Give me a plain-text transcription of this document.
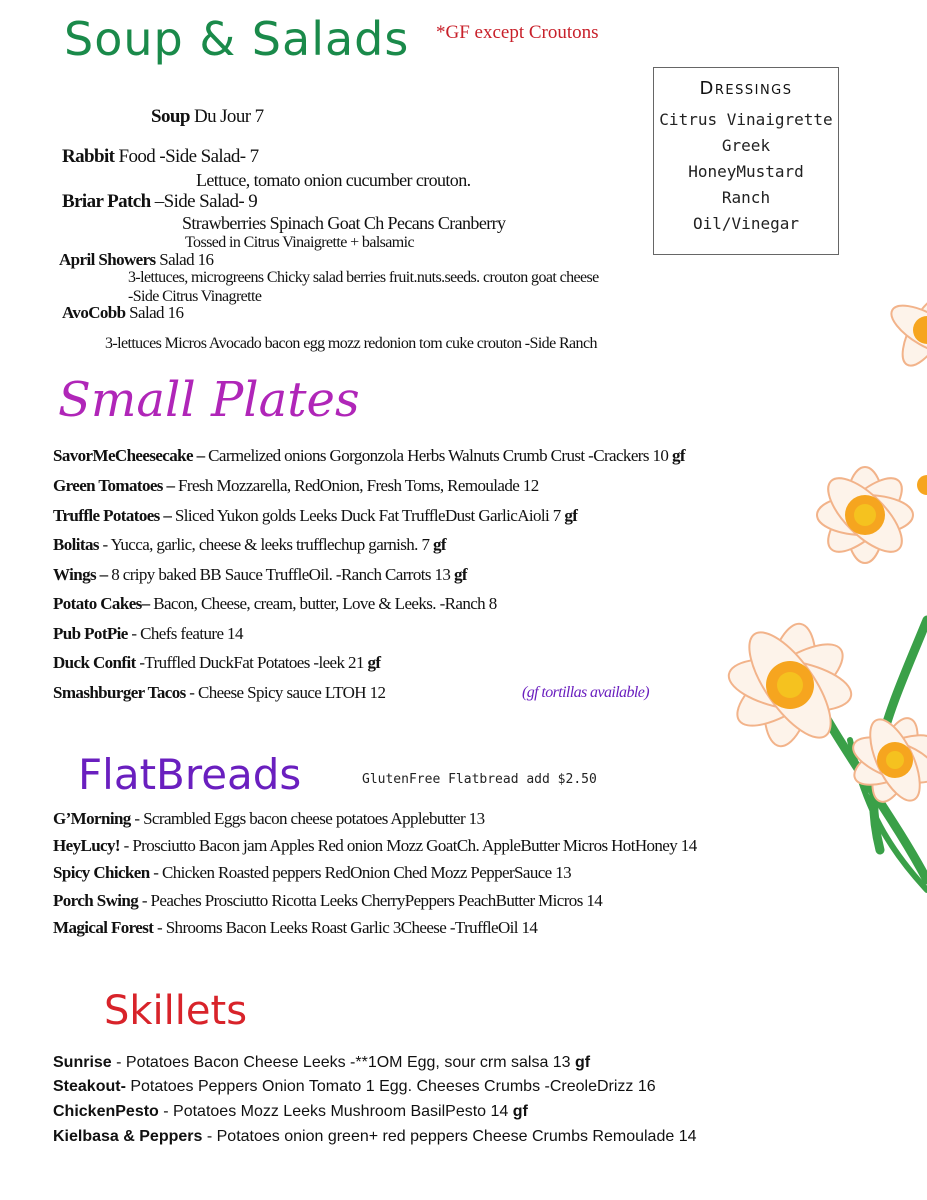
Soup & Salads *GF except Croutons
Soup Du Jour 7
Rabbit Food -Side Salad- 7
Lettuce, tomato onion cucumber crouton.
Briar Patch –Side Salad- 9
Strawberries Spinach Goat Ch Pecans Cranberry
Tossed in Citrus Vinaigrette + balsamic
April Showers Salad 16
3-lettuces, microgreens Chicky salad berries fruit.nuts.seeds. crouton goat cheese
-Side Citrus Vinagrette
AvoCobb Salad 16
3-lettuces Micros Avocado bacon egg mozz redonion tom cuke crouton -Side Ranch
Dressings
Citrus Vinaigrette
Greek
HoneyMustard
Ranch
Oil/Vinegar
Small Plates
SavorMeCheesecake – Carmelized onions Gorgonzola Herbs Walnuts Crumb Crust -Crackers 10 gf
Green Tomatoes – Fresh Mozzarella, RedOnion, Fresh Toms, Remoulade 12
Truffle Potatoes – Sliced Yukon golds Leeks Duck Fat TruffleDust GarlicAioli 7 gf
Bolitas - Yucca, garlic, cheese & leeks trufflechup garnish. 7 gf
Wings – 8 cripy baked BB Sauce TruffleOil. -Ranch Carrots 13 gf
Potato Cakes– Bacon, Cheese, cream, butter, Love & Leeks. -Ranch 8
Pub PotPie - Chefs feature 14
Duck Confit -Truffled DuckFat Potatoes -leek 21 gf
Smashburger Tacos - Cheese Spicy sauce LTOH 12	(gf tortillas available)
FlatBreads	GlutenFree Flatbread add $2.50
G’Morning - Scrambled Eggs bacon cheese potatoes Applebutter 13
HeyLucy! - Prosciutto Bacon jam Apples Red onion Mozz GoatCh. AppleButter Micros HotHoney 14
Spicy Chicken - Chicken Roasted peppers RedOnion Ched Mozz PepperSauce 13
Porch Swing - Peaches Prosciutto Ricotta Leeks CherryPeppers PeachButter Micros 14
Magical Forest - Shrooms Bacon Leeks Roast Garlic 3Cheese -TruffleOil 14
Skillets
Sunrise - Potatoes Bacon Cheese Leeks -**1OM Egg, sour crm salsa 13 gf
Steakout- Potatoes Peppers Onion Tomato 1 Egg. Cheeses Crumbs -CreoleDrizz 16
ChickenPesto - Potatoes Mozz Leeks Mushroom BasilPesto 14 gf
Kielbasa & Peppers - Potatoes onion green+ red peppers Cheese Crumbs Remoulade 14
